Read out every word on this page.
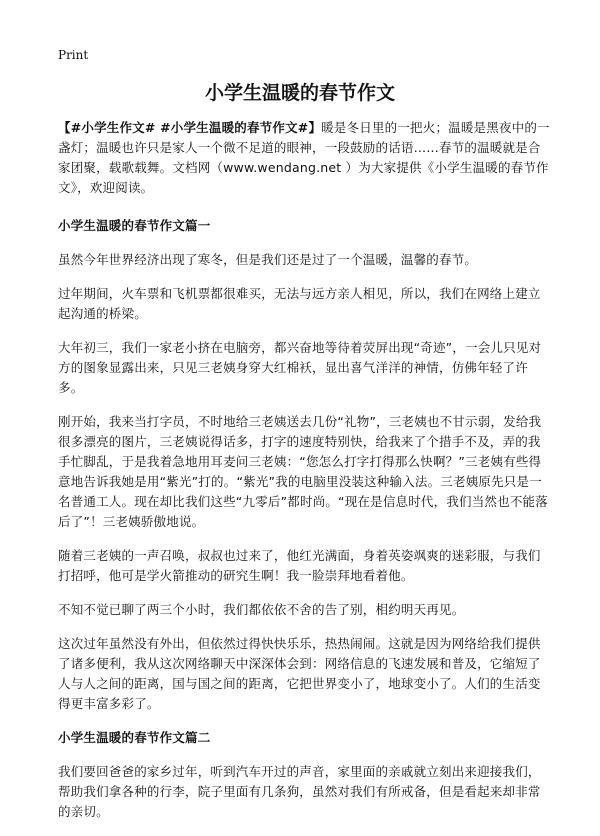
Print
小学生温暖的春节作文

【#小学生作文# #小学生温暖的春节作文#】暖是冬日里的一把火；温暖是黑夜中的一盏灯；温暖也许只是家人一个微不足道的眼神，一段鼓励的话语……春节的温暖就是合家团聚，载歌载舞。文档网（www.wendang.net ）为大家提供《小学生温暖的春节作文》，欢迎阅读。

小学生温暖的春节作文篇一

虽然今年世界经济出现了寒冬，但是我们还是过了一个温暖，温馨的春节。

过年期间，火车票和飞机票都很难买，无法与远方亲人相见，所以，我们在网络上建立起沟通的桥梁。

大年初三，我们一家老小挤在电脑旁，都兴奋地等待着荧屏出现“奇迹”，一会儿只见对方的图象显露出来，只见三老姨身穿大红棉袄，显出喜气洋洋的神情，仿佛年轻了许多。

刚开始，我来当打字员，不时地给三老姨送去几份“礼物”，三老姨也不甘示弱，发给我很多漂亮的图片，三老姨说得话多，打字的速度特别快，给我来了个措手不及，弄的我手忙脚乱，于是我着急地用耳麦问三老姨：“您怎么打字打得那么快啊？”三老姨有些得意地告诉我她是用“紫光”打的。“紫光”我的电脑里没装这种输入法。三老姨原先只是一名普通工人。现在却比我们这些“九零后”都时尚。“现在是信息时代，我们当然也不能落后了”！三老姨骄傲地说。

随着三老姨的一声召唤，叔叔也过来了，他红光满面，身着英姿飒爽的迷彩服，与我们打招呼，他可是学火箭推动的研究生啊！我一脸崇拜地看着他。

不知不觉已聊了两三个小时，我们都依依不舍的告了别，相约明天再见。

这次过年虽然没有外出，但依然过得快快乐乐，热热闹闹。这就是因为网络给我们提供了诸多便利，我从这次网络聊天中深深体会到：网络信息的飞速发展和普及，它缩短了人与人之间的距离，国与国之间的距离，它把世界变小了，地球变小了。人们的生活变得更丰富多彩了。

小学生温暖的春节作文篇二

我们要回爸爸的家乡过年，听到汽车开过的声音，家里面的亲戚就立刻出来迎接我们，帮助我们拿各种的行李，院子里面有几条狗，虽然对我们有所戒备，但是看起来却非常的亲切。
